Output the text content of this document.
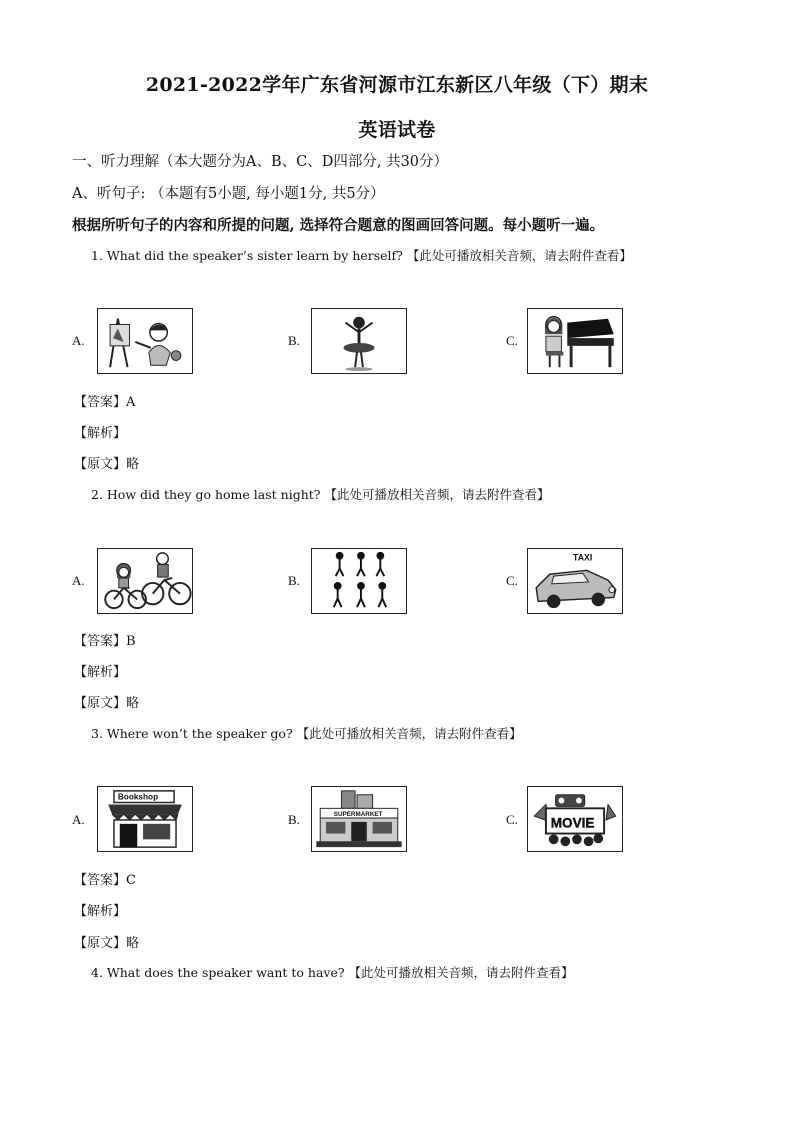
2021-2022学年广东省河源市江东新区八年级（下）期末
英语试卷
一、听力理解（本大题分为A、B、C、D四部分, 共30分）
A、听句子: （本题有5小题, 每小题1分, 共5分）
根据所听句子的内容和所提的问题, 选择符合题意的图画回答问题。每小题听一遍。
1. What did the speaker’s sister learn by herself? 【此处可播放相关音频，请去附件查看】
A.	B.	C.
【答案】A
【解析】
【原文】略
2. How did they go home last night? 【此处可播放相关音频，请去附件查看】
A.	B.	C.
TAXI
【答案】B
【解析】
【原文】略
3. Where won’t the speaker go? 【此处可播放相关音频，请去附件查看】
A.
Bookshop
B.	SUPERMARKET	C. MOVIE
【答案】C
【解析】
【原文】略
4. What does the speaker want to have? 【此处可播放相关音频，请去附件查看】
